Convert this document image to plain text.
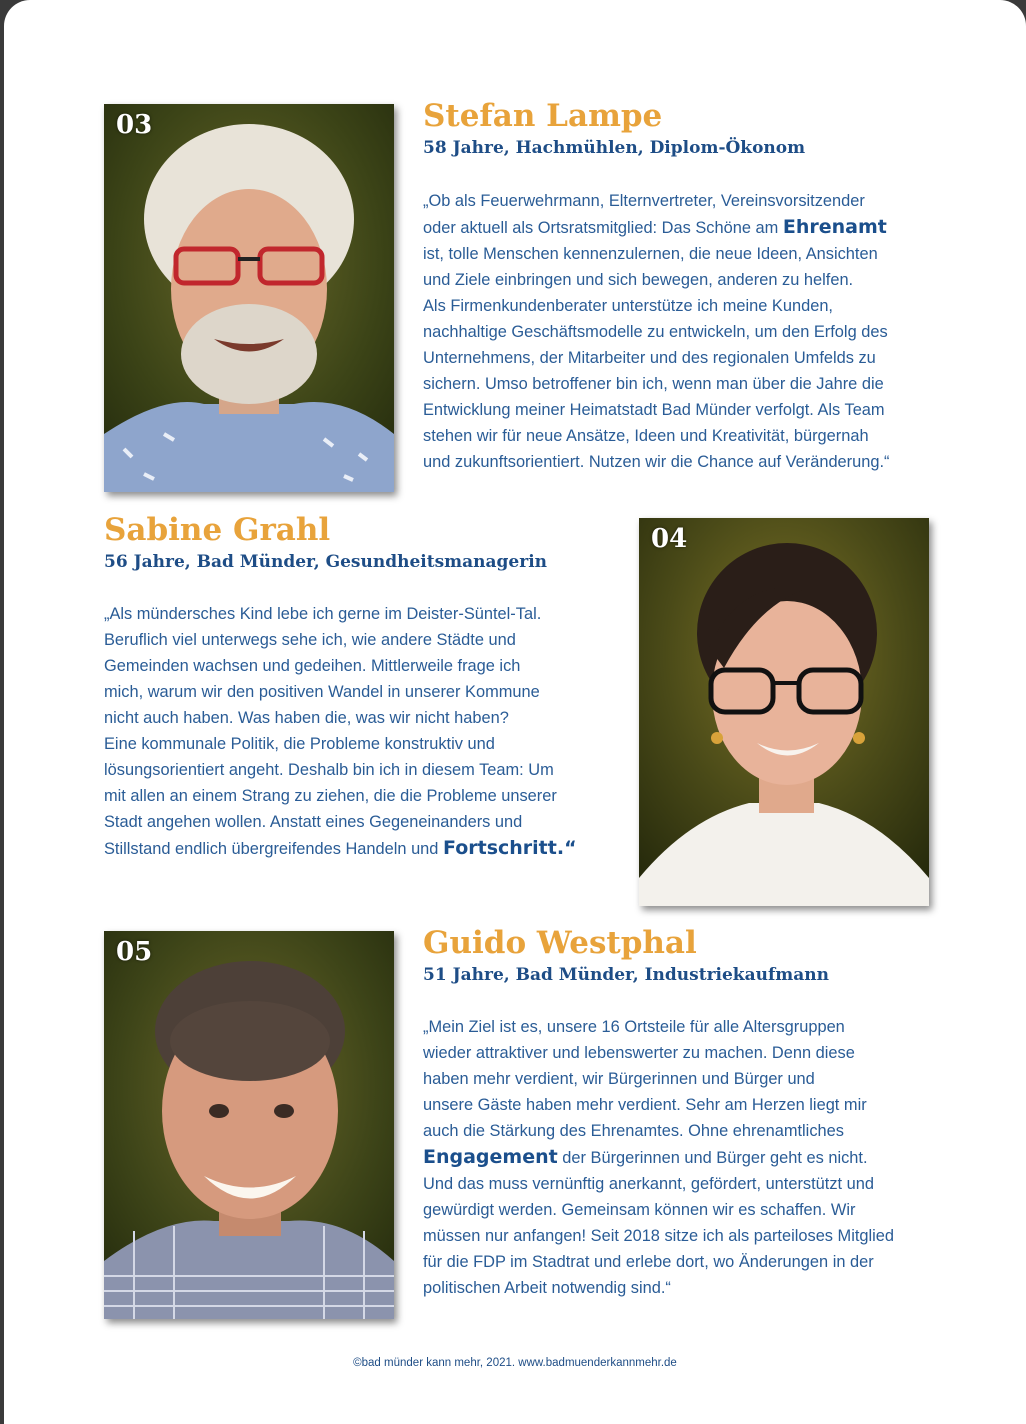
03	Stefan Lampe
58 Jahre, Hachmühlen, Diplom-Ökonom

„Ob als Feuerwehrmann, Elternvertreter, Vereinsvorsitzender
oder aktuell als Ortsratsmitglied: Das Schöne am Ehrenamt
ist, tolle Menschen kennenzulernen, die neue Ideen, Ansichten
und Ziele einbringen und sich bewegen, anderen zu helfen.
Als Firmenkundenberater unterstütze ich meine Kunden,
nachhaltige Geschäftsmodelle zu entwickeln, um den Erfolg des
Unternehmens, der Mitarbeiter und des regionalen Umfelds zu
sichern. Umso betroffener bin ich, wenn man über die Jahre die
Entwicklung meiner Heimatstadt Bad Münder verfolgt. Als Team
stehen wir für neue Ansätze, Ideen und Kreativität, bürgernah
und zukunftsorientiert. Nutzen wir die Chance auf Veränderung.“

Sabine Grahl
56 Jahre, Bad Münder, Gesundheitsmanagerin

„Als mündersches Kind lebe ich gerne im Deister-Süntel-Tal.
Beruflich viel unterwegs sehe ich, wie andere Städte und
Gemeinden wachsen und gedeihen. Mittlerweile frage ich
mich, warum wir den positiven Wandel in unserer Kommune
nicht auch haben. Was haben die, was wir nicht haben?
Eine kommunale Politik, die Probleme konstruktiv und
lösungsorientiert angeht. Deshalb bin ich in diesem Team: Um
mit allen an einem Strang zu ziehen, die die Probleme unserer
Stadt angehen wollen. Anstatt eines Gegeneinanders und
Stillstand endlich übergreifendes Handeln und Fortschritt.“

04
05	Guido Westphal
51 Jahre, Bad Münder, Industriekaufmann

„Mein Ziel ist es, unsere 16 Ortsteile für alle Altersgruppen
wieder attraktiver und lebenswerter zu machen. Denn diese
haben mehr verdient, wir Bürgerinnen und Bürger und
unsere Gäste haben mehr verdient. Sehr am Herzen liegt mir
auch die Stärkung des Ehrenamtes. Ohne ehrenamtliches
Engagement der Bürgerinnen und Bürger geht es nicht.
Und das muss vernünftig anerkannt, gefördert, unterstützt und
gewürdigt werden. Gemeinsam können wir es schaffen. Wir
müssen nur anfangen! Seit 2018 sitze ich als parteiloses Mitglied
für die FDP im Stadtrat und erlebe dort, wo Änderungen in der
politischen Arbeit notwendig sind.“

©bad münder kann mehr, 2021. www.badmuenderkannmehr.de
